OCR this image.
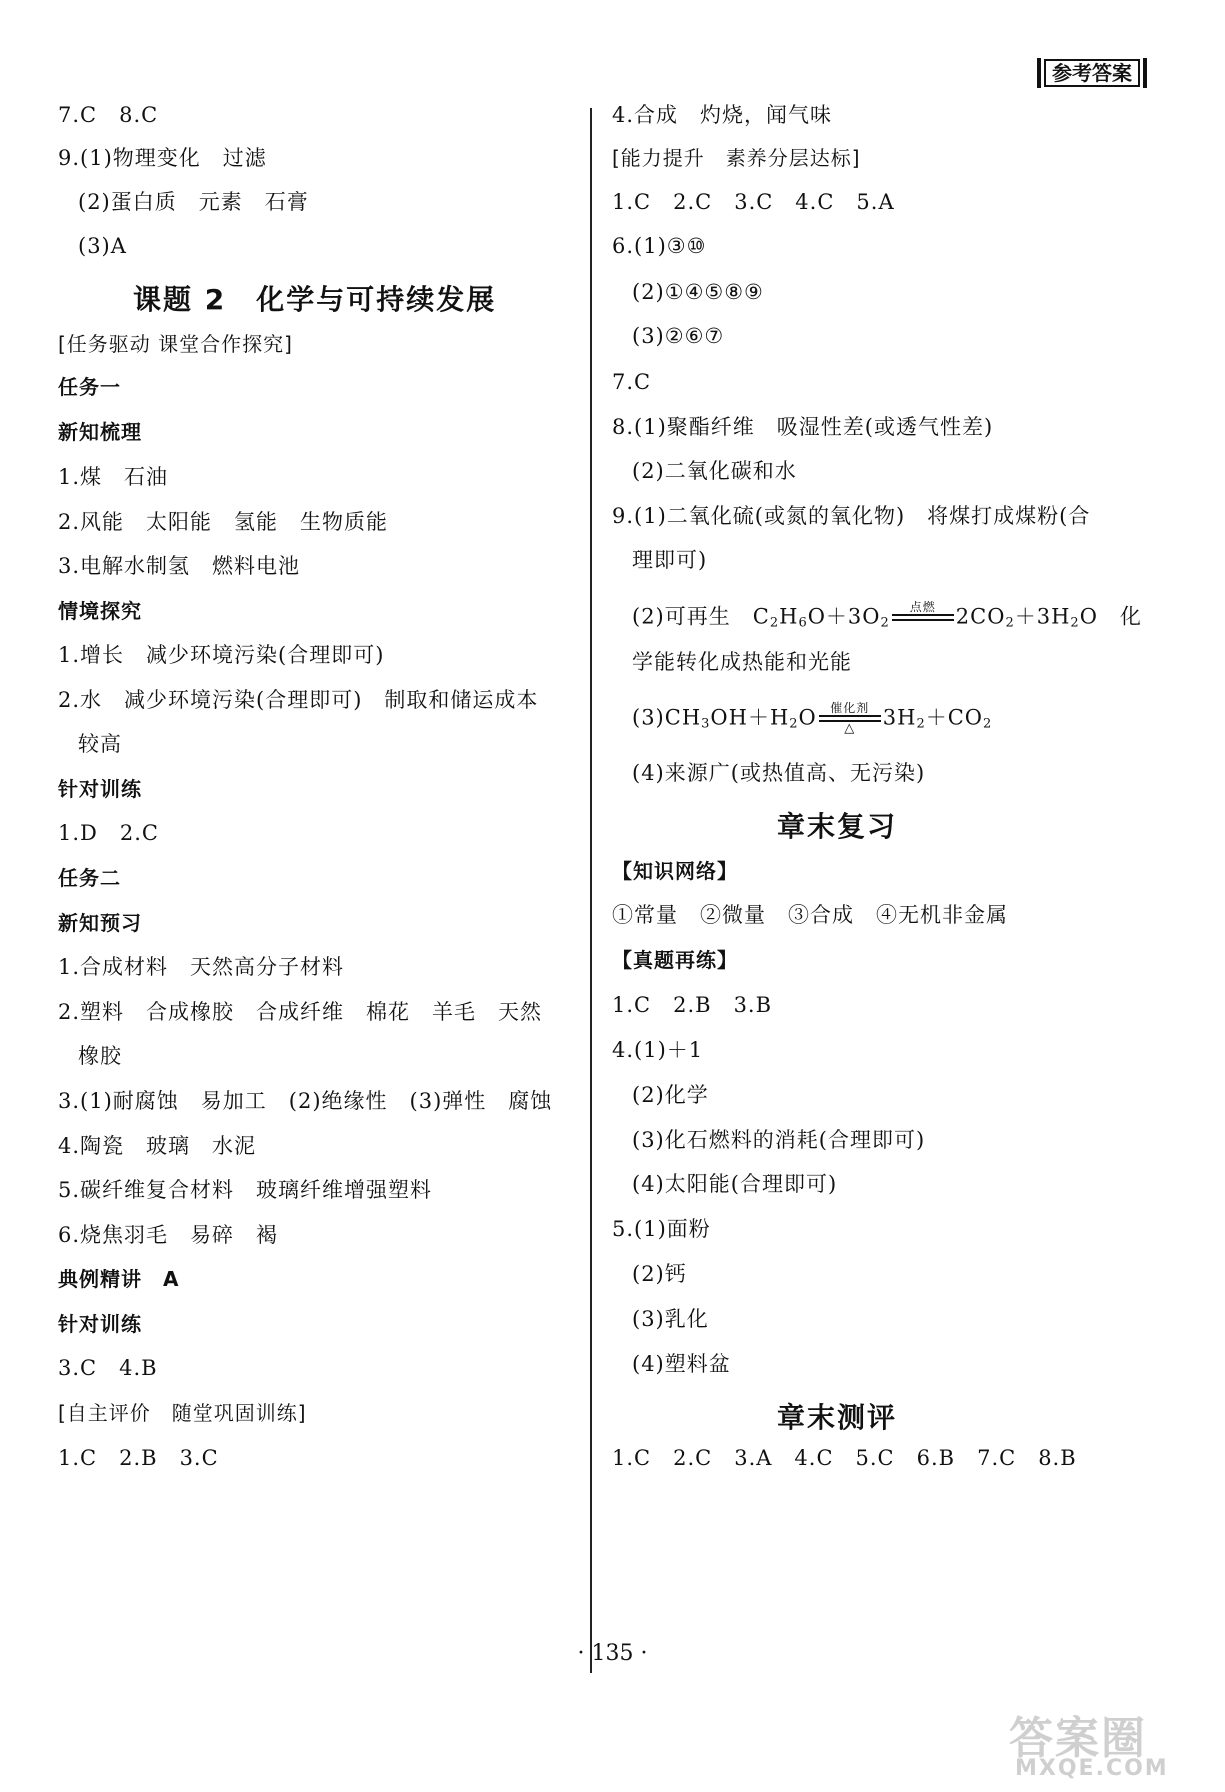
参考答案
7.C　8.C
9.(1)物理变化　过滤
(2)蛋白质　元素　石膏
(3)A
课题 2　化学与可持续发展
[任务驱动 课堂合作探究]
任务一
新知梳理
1.煤　石油
2.风能　太阳能　氢能　生物质能
3.电解水制氢　燃料电池
情境探究
1.增长　减少环境污染(合理即可)
2.水　减少环境污染(合理即可)　制取和储运成本
较高
针对训练
1.D　2.C
任务二
新知预习
1.合成材料　天然高分子材料
2.塑料　合成橡胶　合成纤维　棉花　羊毛　天然
橡胶
3.(1)耐腐蚀　易加工　(2)绝缘性　(3)弹性　腐蚀
4.陶瓷　玻璃　水泥
5.碳纤维复合材料　玻璃纤维增强塑料
6.烧焦羽毛　易碎　褐
典例精讲　A
针对训练
3.C　4.B
[自主评价　随堂巩固训练]
1.C　2.B　3.C
4.合成　灼烧，闻气味
[能力提升　素养分层达标]
1.C　2.C　3.C　4.C　5.A
6.(1)③⑩
(2)①④⑤⑧⑨
(3)②⑥⑦
7.C
8.(1)聚酯纤维　吸湿性差(或透气性差)
(2)二氧化碳和水
9.(1)二氧化硫(或氮的氧化物)　将煤打成煤粉(合
理即可)
(2)可再生　$C_2H_6O+3O_2$
点燃 $2CO_2+3H_2O$　化
学能转化成热能和光能
$(3)CH_3OH+H_2O$	催化剂
△	$3H_2+CO_2$
(4)来源广(或热值高、无污染)
章末复习
【知识网络】
①常量　②微量　③合成　④无机非金属
【真题再练】
1.C　2.B　3.B
4.(1)＋1
(2)化学
(3)化石燃料的消耗(合理即可)
(4)太阳能(合理即可)
5.(1)面粉
(2)钙
(3)乳化
(4)塑料盆
章末测评
1.C　2.C　3.A　4.C　5.C　6.B　7.C　8.B
· 135 ·
答案圈
MXQE.COM
